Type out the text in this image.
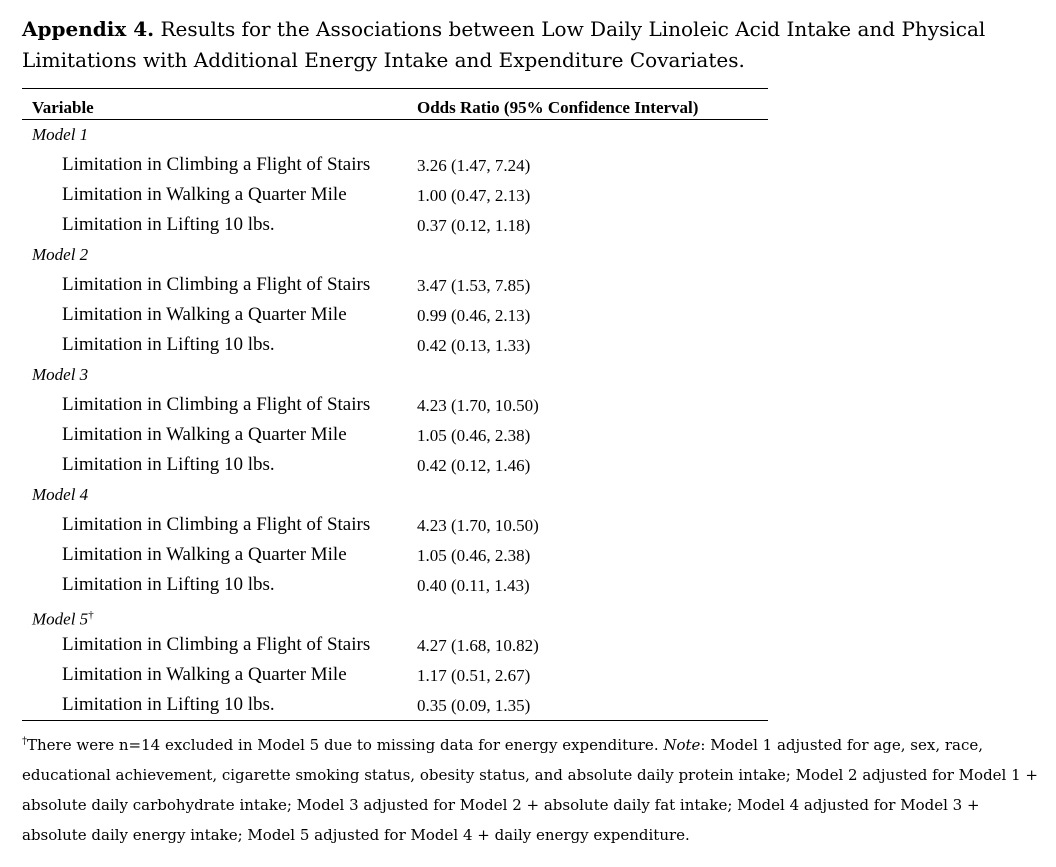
Appendix 4. Results for the Associations between Low Daily Linoleic Acid Intake and Physical Limitations with Additional Energy Intake and Expenditure Covariates.
Variable	Odds Ratio (95% Confidence Interval)
Model 1
Limitation in Climbing a Flight of Stairs	3.26 (1.47, 7.24)
Limitation in Walking a Quarter Mile	1.00 (0.47, 2.13)
Limitation in Lifting 10 lbs.	0.37 (0.12, 1.18)
Model 2
Limitation in Climbing a Flight of Stairs	3.47 (1.53, 7.85)
Limitation in Walking a Quarter Mile	0.99 (0.46, 2.13)
Limitation in Lifting 10 lbs.	0.42 (0.13, 1.33)
Model 3
Limitation in Climbing a Flight of Stairs	4.23 (1.70, 10.50)
Limitation in Walking a Quarter Mile	1.05 (0.46, 2.38)
Limitation in Lifting 10 lbs.	0.42 (0.12, 1.46)
Model 4
Limitation in Climbing a Flight of Stairs	4.23 (1.70, 10.50)
Limitation in Walking a Quarter Mile	1.05 (0.46, 2.38)
Limitation in Lifting 10 lbs.	0.40 (0.11, 1.43)
Model 5†
Limitation in Climbing a Flight of Stairs	4.27 (1.68, 10.82)
Limitation in Walking a Quarter Mile	1.17 (0.51, 2.67)
Limitation in Lifting 10 lbs.	0.35 (0.09, 1.35)
†There were n=14 excluded in Model 5 due to missing data for energy expenditure. Note: Model 1 adjusted for age, sex, race, educational achievement, cigarette smoking status, obesity status, and absolute daily protein intake; Model 2 adjusted for Model 1 + absolute daily carbohydrate intake; Model 3 adjusted for Model 2 + absolute daily fat intake; Model 4 adjusted for Model 3 + absolute daily energy intake; Model 5 adjusted for Model 4 + daily energy expenditure.
